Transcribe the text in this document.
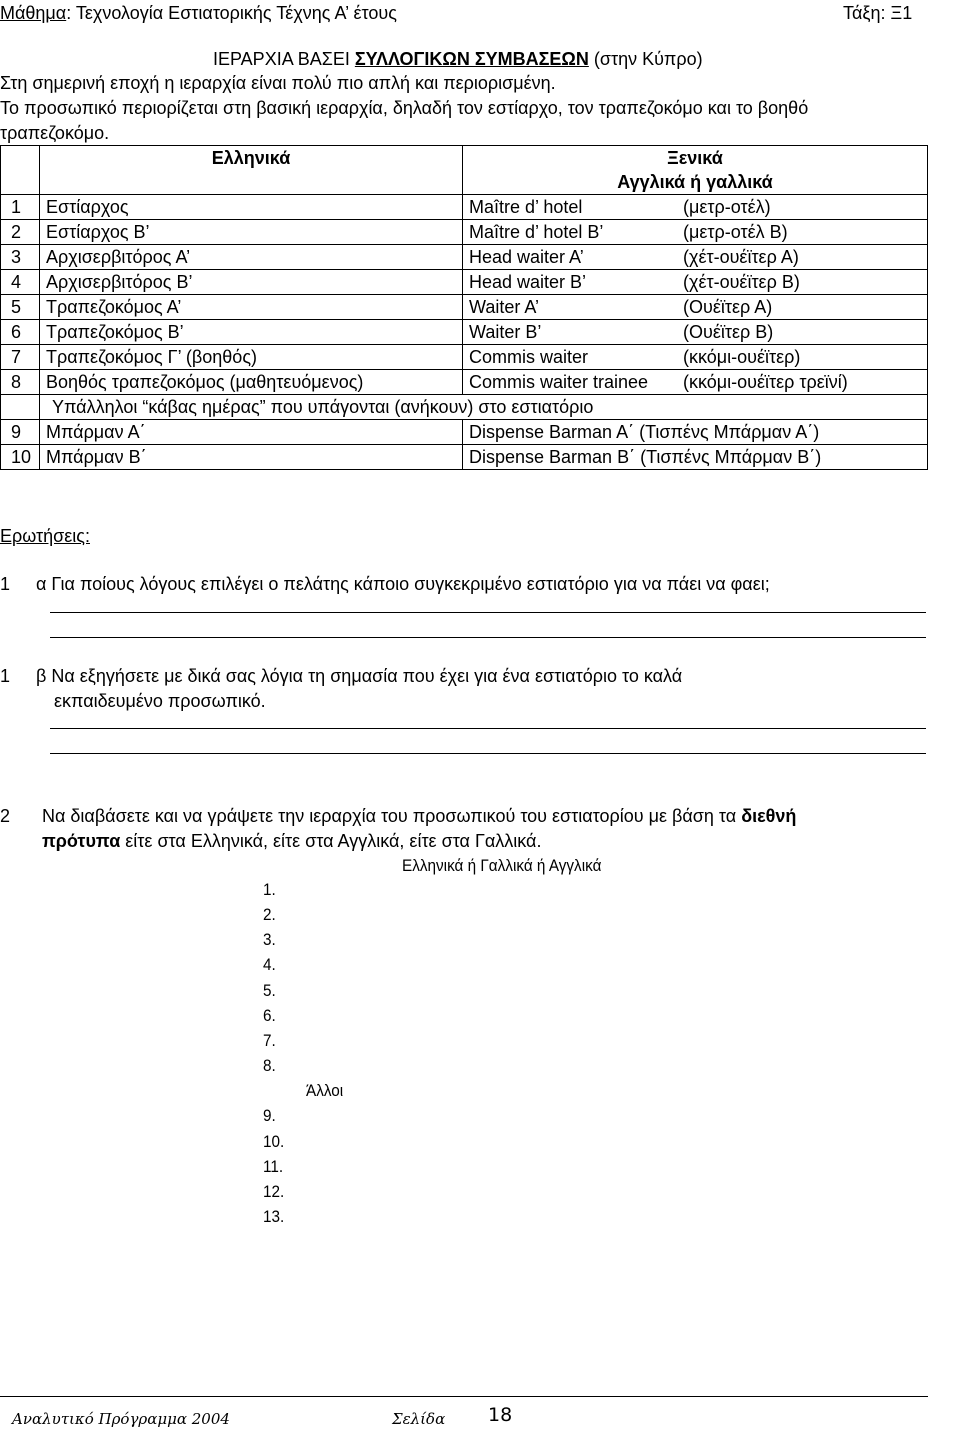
Μάθημα: Τεχνολογία Εστιατορικής Τέχνης Α’ έτους	Τάξη: Ξ1
ΙΕΡΑΡΧΙΑ ΒΑΣΕΙ ΣΥΛΛΟΓΙΚΩΝ ΣΥΜΒΑΣΕΩΝ (στην Κύπρο)
Στη σημερινή εποχή η ιεραρχία είναι πολύ πιο απλή και περιορισμένη.
Το προσωπικό περιορίζεται στη βασική ιεραρχία, δηλαδή τον εστίαρχο, τον τραπεζοκόμο και το βοηθό
τραπεζοκόμο.
	Ελληνικά	Ξενικά
		Αγγλικά ή γαλλικά
1	Εστίαρχος	Maître d’ hotel (μετρ-οτέλ)
2	Εστίαρχος Β’	Maître d’ hotel B’ (μετρ-οτέλ Β)
3	Αρχισερβιτόρος Α’	Head waiter A’ (χέτ-ουέϊτερ Α)
4	Αρχισερβιτόρος Β’	Head waiter B’ (χέτ-ουέϊτερ Β)
5	Τραπεζοκόμος Α’	Waiter A’ (Ουέϊτερ Α)
6	Τραπεζοκόμος Β’	Waiter B’ (Ουέϊτερ Β)
7	Τραπεζοκόμος Γ’ (βοηθός)	Commis waiter (κκόμι-ουέϊτερ)
8	Βοηθός τραπεζοκόμος (μαθητευόμενος)	Commis waiter trainee (κκόμι-ουέϊτερ τρεϊνί)
	Υπάλληλοι “κάβας ημέρας” που υπάγονται (ανήκουν) στο εστιατόριο	
9	Μπάρμαν Α΄	Dispense Barman A΄ (Τισπένς Μπάρμαν Α΄)
10	Μπάρμαν Β΄	Dispense Barman B΄ (Τισπένς Μπάρμαν Β΄)
Ερωτήσεις:
1 α Για ποίους λόγους επιλέγει ο πελάτης κάποιο συγκεκριμένο εστιατόριο για να πάει να φαει;
1 β Να εξηγήσετε με δικά σας λόγια τη σημασία που έχει για ένα εστιατόριο το καλά
εκπαιδευμένο προσωπικό.
2 Να διαβάσετε και να γράψετε την ιεραρχία του προσωπικού του εστιατορίου με βάση τα διεθνή
πρότυπα είτε στα Ελληνικά, είτε στα Αγγλικά, είτε στα Γαλλικά.
Ελληνικά ή Γαλλικά ή Αγγλικά
1.
2.
3.
4.
5.
6.
7.
8.
Άλλοι
9.
10.
11.
12.
13.
Αναλυτικό Πρόγραμμα 2004	Σελίδα 18
